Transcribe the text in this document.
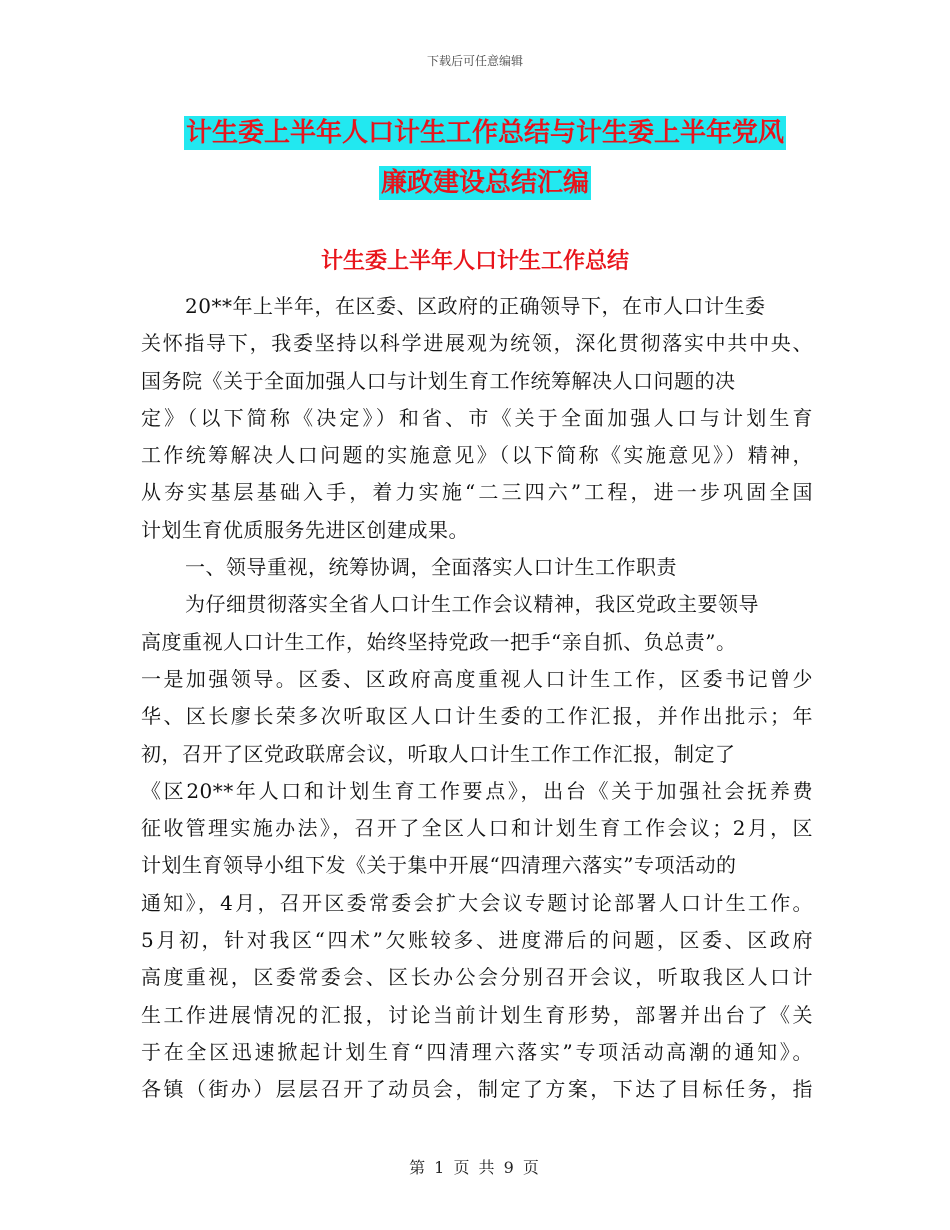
下载后可任意编辑
计生委上半年人口计生工作总结与计生委上半年党风
廉政建设总结汇编
计生委上半年人口计生工作总结
20**年上半年，在区委、区政府的正确领导下，在市人口计生委
关怀指导下，我委坚持以科学进展观为统领，深化贯彻落实中共中央、
国务院《关于全面加强人口与计划生育工作统筹解决人口问题的决
定》（以下简称《决定》）和省、市《关于全面加强人口与计划生育
工作统筹解决人口问题的实施意见》（以下简称《实施意见》）精神，
从夯实基层基础入手，着力实施“二三四六”工程，进一步巩固全国
计划生育优质服务先进区创建成果。
一、领导重视，统筹协调，全面落实人口计生工作职责
为仔细贯彻落实全省人口计生工作会议精神，我区党政主要领导
高度重视人口计生工作，始终坚持党政一把手“亲自抓、负总责”。
一是加强领导。区委、区政府高度重视人口计生工作，区委书记曾少
华、区长廖长荣多次听取区人口计生委的工作汇报，并作出批示；年
初，召开了区党政联席会议，听取人口计生工作工作汇报，制定了
《区20**年人口和计划生育工作要点》，出台《关于加强社会抚养费
征收管理实施办法》，召开了全区人口和计划生育工作会议；2月，区
计划生育领导小组下发《关于集中开展“四清理六落实”专项活动的
通知》，4月，召开区委常委会扩大会议专题讨论部署人口计生工作。
5月初，针对我区“四术”欠账较多、进度滞后的问题，区委、区政府
高度重视，区委常委会、区长办公会分别召开会议，听取我区人口计
生工作进展情况的汇报，讨论当前计划生育形势，部署并出台了《关
于在全区迅速掀起计划生育“四清理六落实”专项活动高潮的通知》。
各镇（街办）层层召开了动员会，制定了方案，下达了目标任务，指
第 1 页 共 9 页
